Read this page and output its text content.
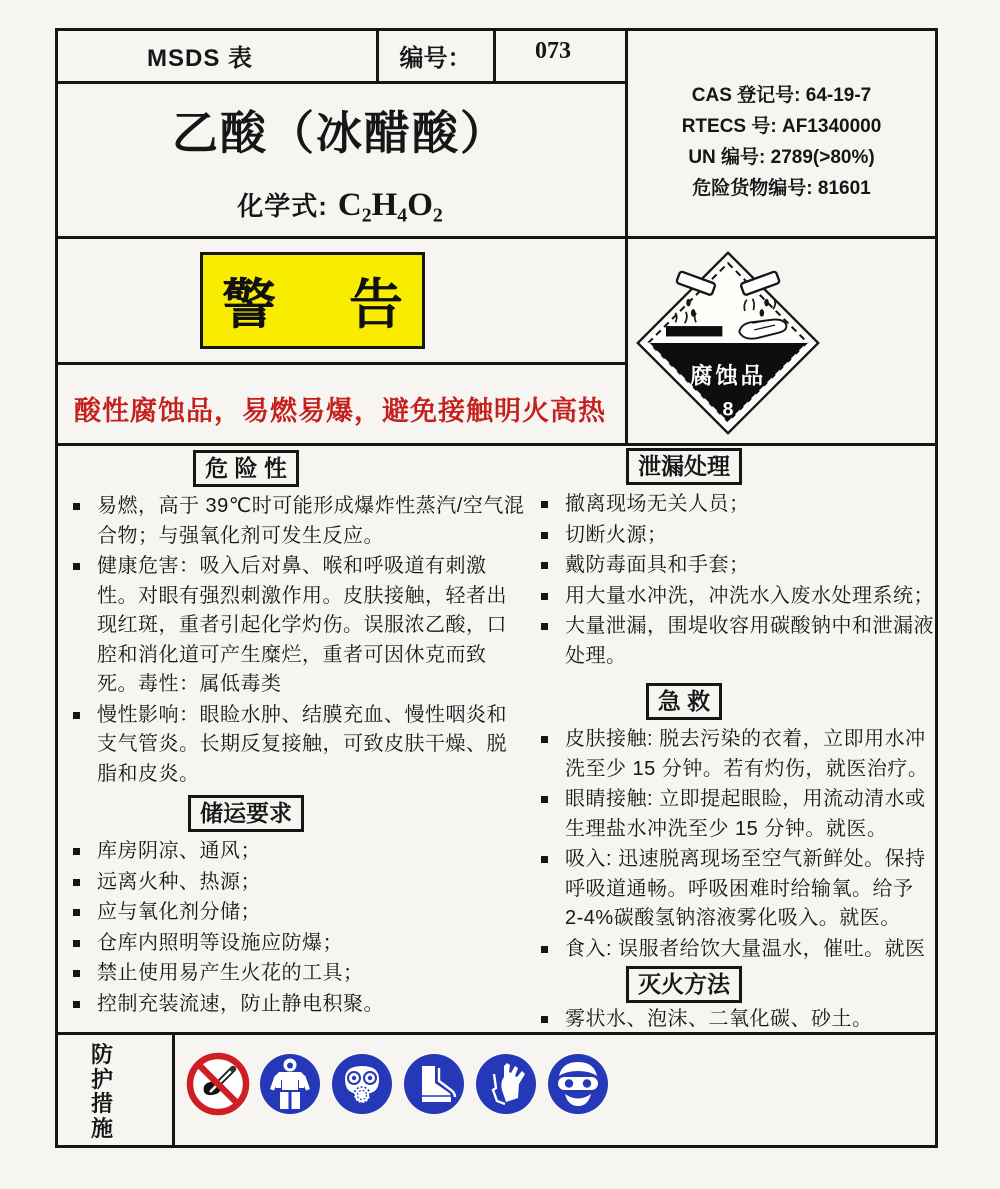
MSDS 表	编号：	073
乙酸（冰醋酸）
化学式: C₂H₄O₂
CAS 登记号: 64-19-7
RTECS 号: AF1340000
UN 编号: 2789(>80%)
危险货物编号: 81601
警 告
酸性腐蚀品，易燃易爆，避免接触明火高热
腐蚀品
8
危 险 性
易燃，高于 39℃时可能形成爆炸性蒸汽/空气混合物；与强氧化剂可发生反应。
健康危害：吸入后对鼻、喉和呼吸道有刺激性。对眼有强烈刺激作用。皮肤接触，轻者出现红斑，重者引起化学灼伤。误服浓乙酸，口腔和消化道可产生糜烂，重者可因休克而致死。毒性：属低毒类
慢性影响：眼睑水肿、结膜充血、慢性咽炎和支气管炎。长期反复接触，可致皮肤干燥、脱脂和皮炎。
储运要求
库房阴凉、通风；
远离火种、热源；
应与氧化剂分储；
仓库内照明等设施应防爆；
禁止使用易产生火花的工具；
控制充装流速，防止静电积聚。
泄漏处理
撤离现场无关人员；
切断火源；
戴防毒面具和手套；
用大量水冲洗，冲洗水入废水处理系统；
大量泄漏，围堤收容用碳酸钠中和泄漏液处理。
急 救
皮肤接触: 脱去污染的衣着，立即用水冲洗至少 15 分钟。若有灼伤，就医治疗。
眼睛接触: 立即提起眼睑，用流动清水或生理盐水冲洗至少 15 分钟。就医。
吸入: 迅速脱离现场至空气新鲜处。保持呼吸道通畅。呼吸困难时给输氧。给予 2-4%碳酸氢钠溶液雾化吸入。就医。
食入: 误服者给饮大量温水，催吐。就医
灭火方法
雾状水、泡沫、二氧化碳、砂土。
防护措施
